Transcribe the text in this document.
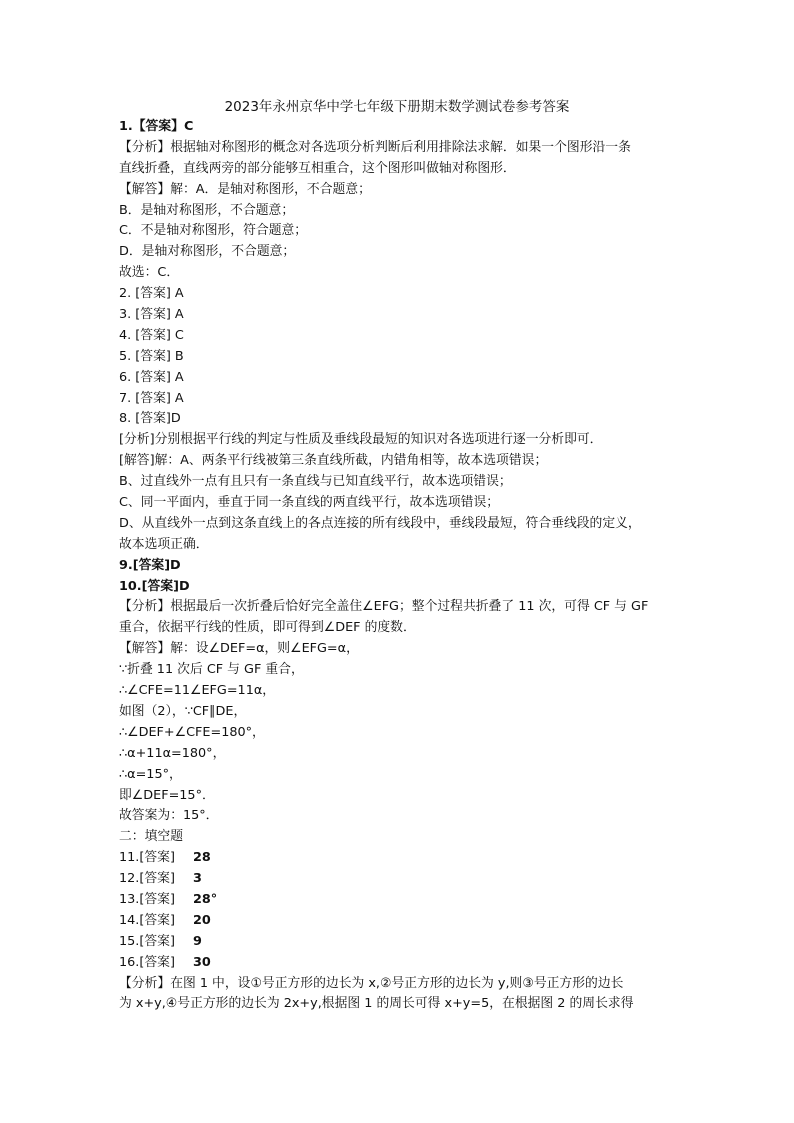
2023年永州京华中学七年级下册期末数学测试卷参考答案
1.【答案】C
【分析】根据轴对称图形的概念对各选项分析判断后利用排除法求解．如果一个图形沿一条
直线折叠，直线两旁的部分能够互相重合，这个图形叫做轴对称图形．
【解答】解：A．是轴对称图形，不合题意；
B．是轴对称图形，不合题意；
C．不是轴对称图形，符合题意；
D．是轴对称图形，不合题意；
故选：C．
2. [答案] A
3. [答案] A
4. [答案] C
5. [答案] B
6. [答案] A
7. [答案] A
8. [答案]D
[分析]分别根据平行线的判定与性质及垂线段最短的知识对各选项进行逐一分析即可．
[解答]解：A、两条平行线被第三条直线所截，内错角相等，故本选项错误；
B、过直线外一点有且只有一条直线与已知直线平行，故本选项错误；
C、同一平面内，垂直于同一条直线的两直线平行，故本选项错误；
D、从直线外一点到这条直线上的各点连接的所有线段中，垂线段最短，符合垂线段的定义，
故本选项正确．
9.[答案]D
10.[答案]D
【分析】根据最后一次折叠后恰好完全盖住∠EFG；整个过程共折叠了 11 次，可得 CF 与 GF
重合，依据平行线的性质，即可得到∠DEF 的度数．
【解答】解：设∠DEF=α，则∠EFG=α，
∵折叠 11 次后 CF 与 GF 重合，
∴∠CFE=11∠EFG=11α，
如图（2），∵CF∥DE，
∴∠DEF+∠CFE=180°，
∴α+11α=180°，
∴α=15°，
即∠DEF=15°．
故答案为：15°．
二：填空题
11.[答案] 28
12.[答案] 3
13.[答案] 28°
14.[答案] 20
15.[答案] 9
16.[答案] 30
【分析】在图 1 中，设①号正方形的边长为 x,②号正方形的边长为 y,则③号正方形的边长
为 x+y,④号正方形的边长为 2x+y,根据图 1 的周长可得 x+y=5，在根据图 2 的周长求得
